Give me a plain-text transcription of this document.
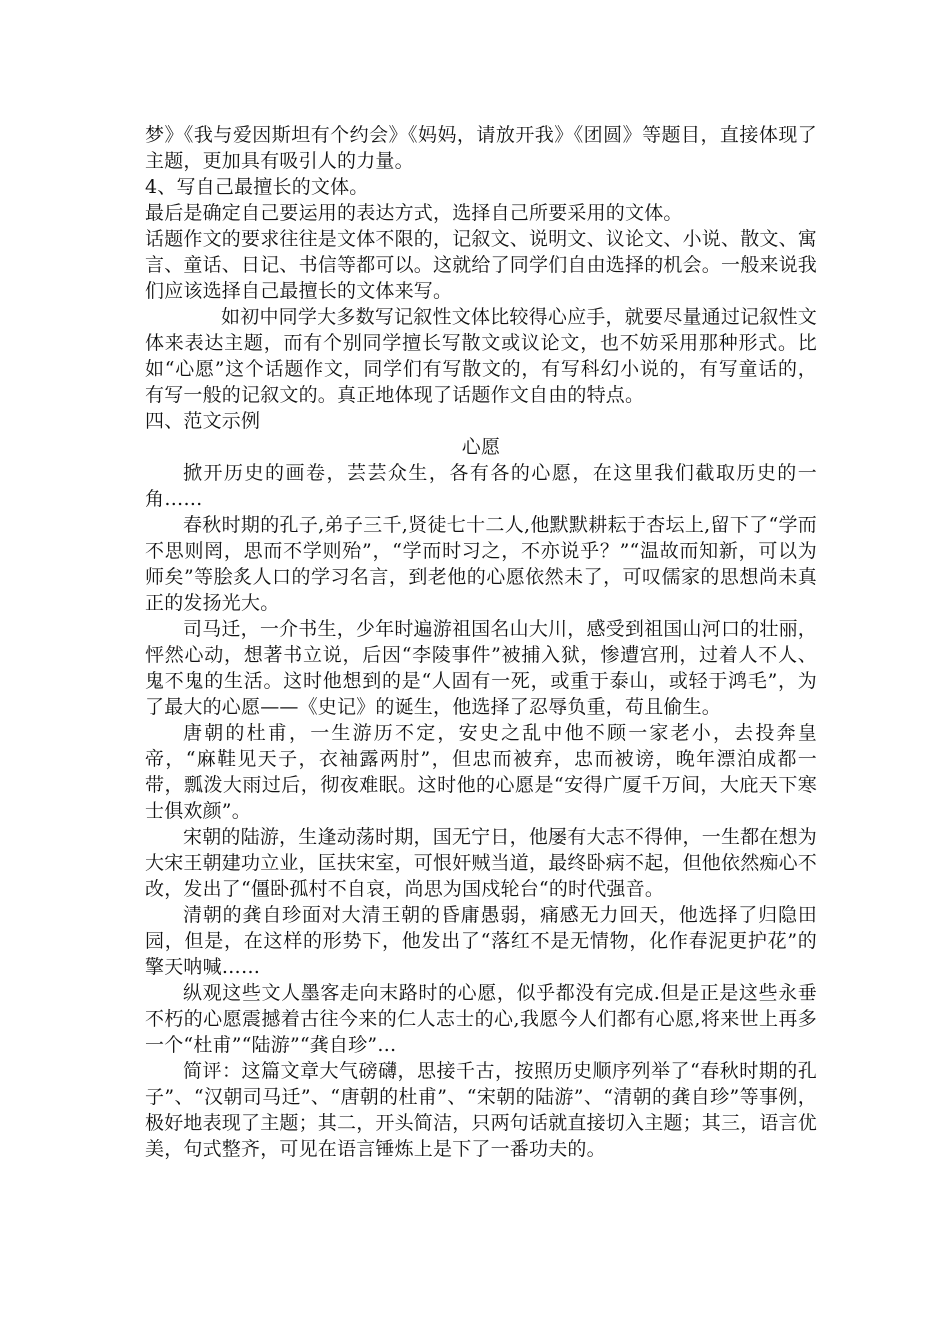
梦》《我与爱因斯坦有个约会》《妈妈，请放开我》《团圆》等题目，直接体现了主题，更加具有吸引人的力量。

4、写自己最擅长的文体。

最后是确定自己要运用的表达方式，选择自己所要采用的文体。

话题作文的要求往往是文体不限的，记叙文、说明文、议论文、小说、散文、寓言、童话、日记、书信等都可以。这就给了同学们自由选择的机会。一般来说我们应该选择自己最擅长的文体来写。

如初中同学大多数写记叙性文体比较得心应手，就要尽量通过记叙性文体来表达主题，而有个别同学擅长写散文或议论文，也不妨采用那种形式。比如“心愿”这个话题作文，同学们有写散文的，有写科幻小说的，有写童话的，有写一般的记叙文的。真正地体现了话题作文自由的特点。

四、范文示例

心愿

掀开历史的画卷，芸芸众生，各有各的心愿，在这里我们截取历史的一角……

春秋时期的孔子,弟子三千,贤徒七十二人,他默默耕耘于杏坛上,留下了“学而不思则罔，思而不学则殆”，“学而时习之，不亦说乎？”“温故而知新，可以为师矣”等脍炙人口的学习名言，到老他的心愿依然未了，可叹儒家的思想尚未真正的发扬光大。

司马迁，一介书生，少年时遍游祖国名山大川，感受到祖国山河口的壮丽，怦然心动，想著书立说，后因“李陵事件”被捕入狱，惨遭宫刑，过着人不人、鬼不鬼的生活。这时他想到的是“人固有一死，或重于泰山，或轻于鸿毛”，为了最大的心愿——《史记》的诞生，他选择了忍辱负重，苟且偷生。

唐朝的杜甫，一生游历不定，安史之乱中他不顾一家老小，去投奔皇帝，“麻鞋见天子，衣袖露两肘”，但忠而被弃，忠而被谤，晚年漂泊成都一带，瓢泼大雨过后，彻夜难眠。这时他的心愿是“安得广厦千万间，大庇天下寒士俱欢颜”。

宋朝的陆游，生逢动荡时期，国无宁日，他屡有大志不得伸，一生都在想为大宋王朝建功立业，匡扶宋室，可恨奸贼当道，最终卧病不起，但他依然痴心不改，发出了“僵卧孤村不自哀，尚思为国戍轮台“的时代强音。

清朝的龚自珍面对大清王朝的昏庸愚弱，痛感无力回天，他选择了归隐田园，但是，在这样的形势下，他发出了“落红不是无情物，化作春泥更护花”的擎天呐喊……

纵观这些文人墨客走向末路时的心愿，似乎都没有完成.但是正是这些永垂不朽的心愿震撼着古往今来的仁人志士的心,我愿今人们都有心愿,将来世上再多一个“杜甫”“陆游”“龚自珍”…

简评：这篇文章大气磅礴，思接千古，按照历史顺序列举了“春秋时期的孔子”、“汉朝司马迁”、“唐朝的杜甫”、“宋朝的陆游”、“清朝的龚自珍”等事例，极好地表现了主题；其二，开头简洁，只两句话就直接切入主题；其三，语言优美，句式整齐，可见在语言锤炼上是下了一番功夫的。
